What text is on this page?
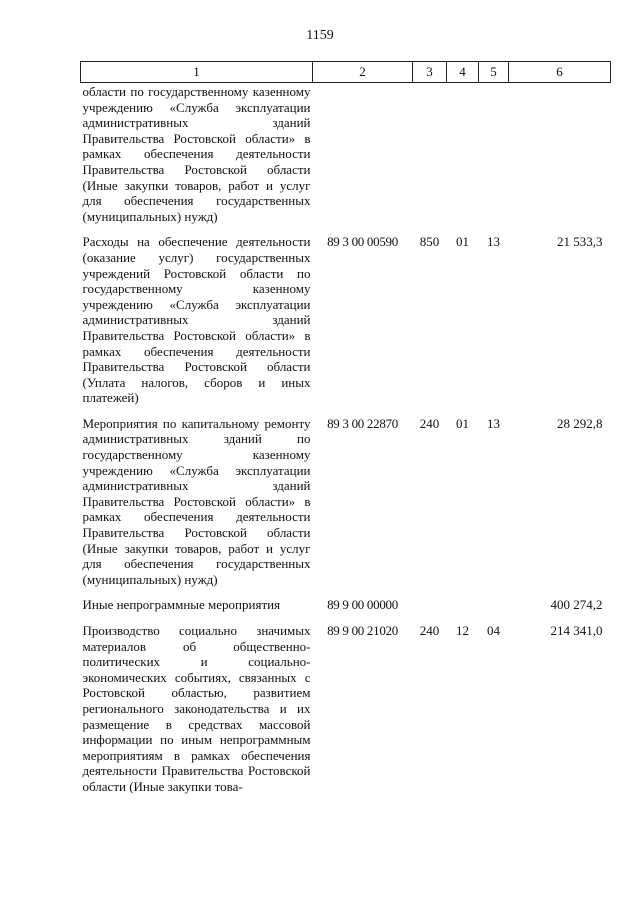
1159
1	2	3	4	5	6
области по государственному казенному учреждению «Служба эксплуатации административных зданий Правительства Ростовской области» в рамках обеспечения деятельности Правительства Ростовской области (Иные закупки товаров, работ и услуг для обеспечения государственных (муниципальных) нужд)					
Расходы на обеспечение деятельности (оказание услуг) государственных учреждений Ростовской области по государственному казенному учреждению «Служба эксплуатации административных зданий Правительства Ростовской области» в рамках обеспечения деятельности Правительства Ростовской области (Уплата налогов, сборов и иных платежей)	89 3 00 00590	850	01	13	21 533,3
Мероприятия по капитальному ремонту административных зданий по государственному казенному учреждению «Служба эксплуатации административных зданий Правительства Ростовской области» в рамках обеспечения деятельности Правительства Ростовской области (Иные закупки товаров, работ и услуг для обеспечения государственных (муниципальных) нужд)	89 3 00 22870	240	01	13	28 292,8
Иные непрограммные мероприятия	89 9 00 00000				400 274,2
Производство социально значимых материалов об общественно-политических и социально-экономических событиях, связанных с Ростовской областью, развитием регионального законодательства и их размещение в средствах массовой информации по иным непрограммным мероприятиям в рамках обеспечения деятельности Правительства Ростовской области (Иные закупки това-	89 9 00 21020	240	12	04	214 341,0
